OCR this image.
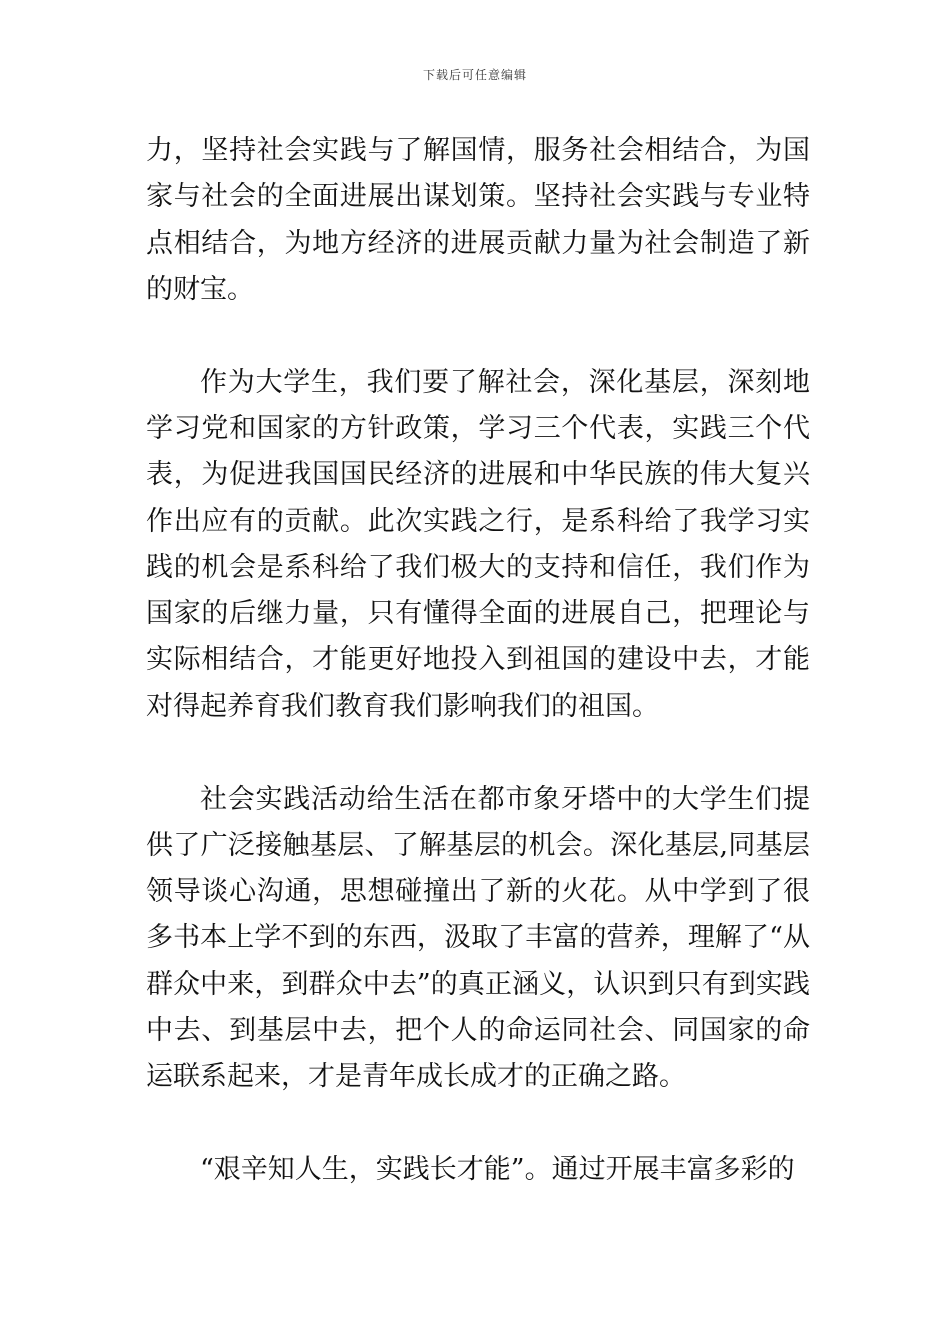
下载后可任意编辑

力，坚持社会实践与了解国情，服务社会相结合，为国家与社会的全面进展出谋划策。坚持社会实践与专业特点相结合，为地方经济的进展贡献力量为社会制造了新的财宝。

作为大学生，我们要了解社会，深化基层，深刻地学习党和国家的方针政策，学习三个代表，实践三个代表，为促进我国国民经济的进展和中华民族的伟大复兴作出应有的贡献。此次实践之行，是系科给了我学习实践的机会是系科给了我们极大的支持和信任，我们作为国家的后继力量，只有懂得全面的进展自己，把理论与实际相结合，才能更好地投入到祖国的建设中去，才能对得起养育我们教育我们影响我们的祖国。

社会实践活动给生活在都市象牙塔中的大学生们提供了广泛接触基层、了解基层的机会。深化基层,同基层领导谈心沟通，思想碰撞出了新的火花。从中学到了很多书本上学不到的东西，汲取了丰富的营养，理解了“从群众中来，到群众中去”的真正涵义，认识到只有到实践中去、到基层中去，把个人的命运同社会、同国家的命运联系起来，才是青年成长成才的正确之路。

“艰辛知人生，实践长才能”。通过开展丰富多彩的
